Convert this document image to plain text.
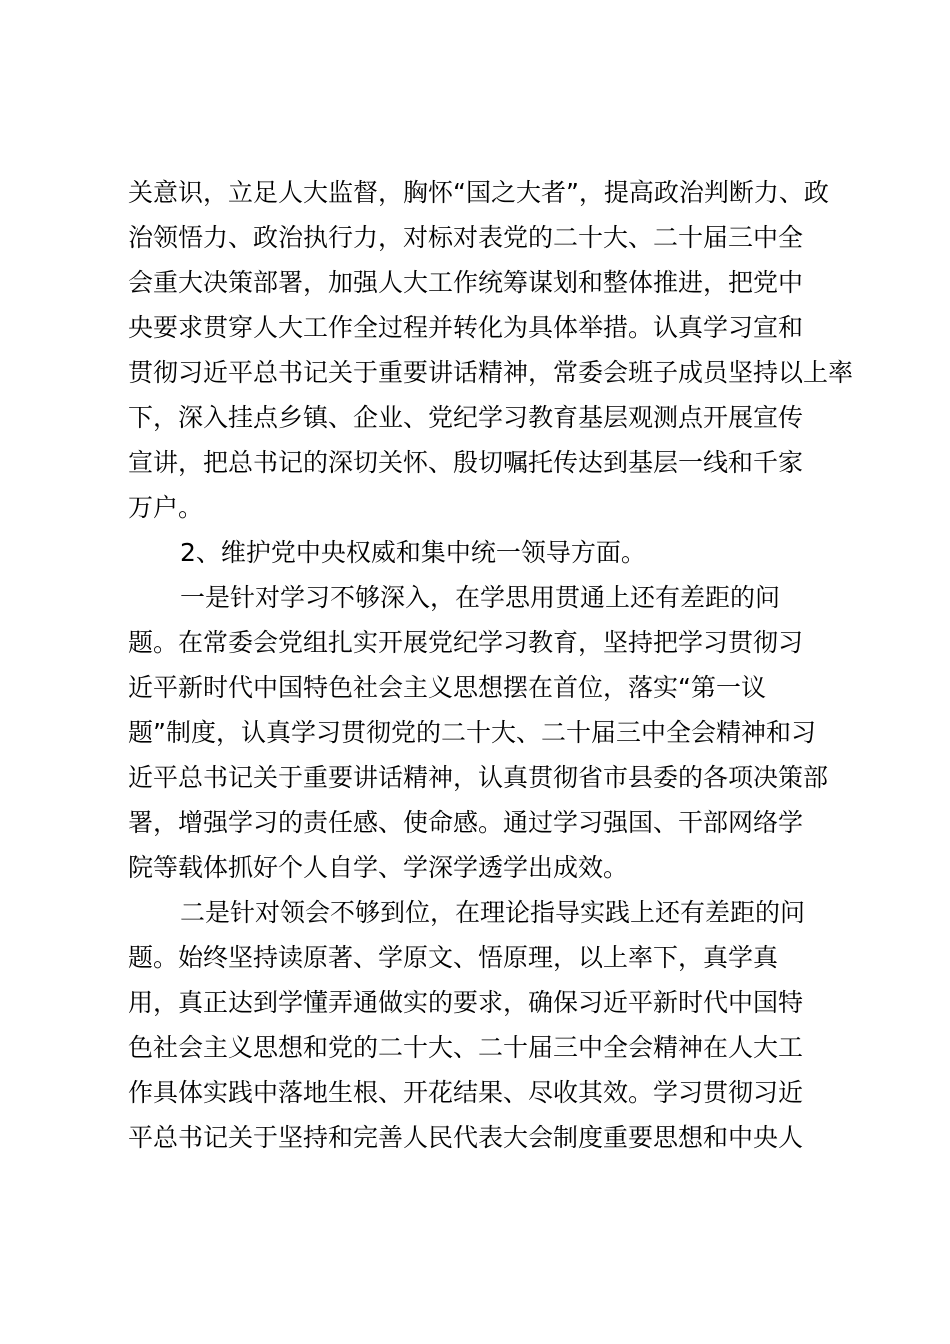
关意识，立足人大监督，胸怀“国之大者”，提高政治判断力、政
治领悟力、政治执行力，对标对表党的二十大、二十届三中全
会重大决策部署，加强人大工作统筹谋划和整体推进，把党中
央要求贯穿人大工作全过程并转化为具体举措。认真学习宣和
贯彻习近平总书记关于重要讲话精神，常委会班子成员坚持以上率
下，深入挂点乡镇、企业、党纪学习教育基层观测点开展宣传
宣讲，把总书记的深切关怀、殷切嘱托传达到基层一线和千家
万户。
2、维护党中央权威和集中统一领导方面。
一是针对学习不够深入，在学思用贯通上还有差距的问
题。在常委会党组扎实开展党纪学习教育，坚持把学习贯彻习
近平新时代中国特色社会主义思想摆在首位，落实“第一议
题”制度，认真学习贯彻党的二十大、二十届三中全会精神和习
近平总书记关于重要讲话精神，认真贯彻省市县委的各项决策部
署，增强学习的责任感、使命感。通过学习强国、干部网络学
院等载体抓好个人自学、学深学透学出成效。
二是针对领会不够到位，在理论指导实践上还有差距的问
题。始终坚持读原著、学原文、悟原理，以上率下，真学真
用，真正达到学懂弄通做实的要求，确保习近平新时代中国特
色社会主义思想和党的二十大、二十届三中全会精神在人大工
作具体实践中落地生根、开花结果、尽收其效。学习贯彻习近
平总书记关于坚持和完善人民代表大会制度重要思想和中央人
